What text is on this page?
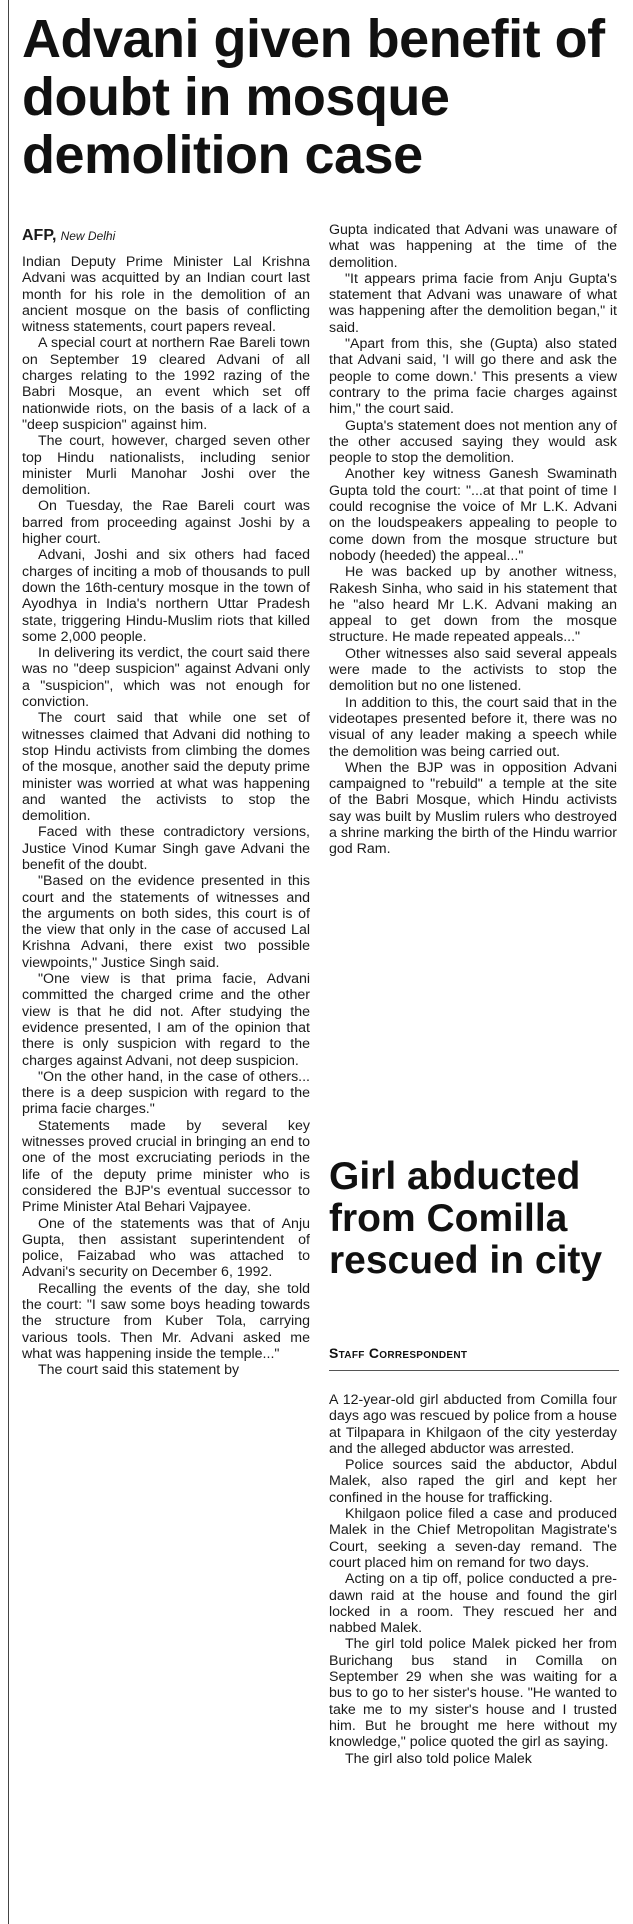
Advani given benefit of doubt in mosque demolition case
AFP, New Delhi

Indian Deputy Prime Minister Lal Krishna Advani was acquitted by an Indian court last month for his role in the demolition of an ancient mosque on the basis of conflicting witness statements, court papers reveal.

A special court at northern Rae Bareli town on September 19 cleared Advani of all charges relating to the 1992 razing of the Babri Mosque, an event which set off nationwide riots, on the basis of a lack of a "deep suspicion" against him.

The court, however, charged seven other top Hindu nationalists, including senior minister Murli Manohar Joshi over the demolition.

On Tuesday, the Rae Bareli court was barred from proceeding against Joshi by a higher court.

Advani, Joshi and six others had faced charges of inciting a mob of thousands to pull down the 16th-century mosque in the town of Ayodhya in India's northern Uttar Pradesh state, triggering Hindu-Muslim riots that killed some 2,000 people.

In delivering its verdict, the court said there was no "deep suspicion" against Advani only a "suspicion", which was not enough for conviction.

The court said that while one set of witnesses claimed that Advani did nothing to stop Hindu activists from climbing the domes of the mosque, another said the deputy prime minister was worried at what was happening and wanted the activists to stop the demolition.

Faced with these contradictory versions, Justice Vinod Kumar Singh gave Advani the benefit of the doubt.

"Based on the evidence presented in this court and the statements of witnesses and the arguments on both sides, this court is of the view that only in the case of accused Lal Krishna Advani, there exist two possible viewpoints," Justice Singh said.

"One view is that prima facie, Advani committed the charged crime and the other view is that he did not. After studying the evidence presented, I am of the opinion that there is only suspicion with regard to the charges against Advani, not deep suspicion.

"On the other hand, in the case of others... there is a deep suspicion with regard to the prima facie charges."

Statements made by several key witnesses proved crucial in bringing an end to one of the most excruciating periods in the life of the deputy prime minister who is considered the BJP's eventual successor to Prime Minister Atal Behari Vajpayee.

One of the statements was that of Anju Gupta, then assistant superintendent of police, Faizabad who was attached to Advani's security on December 6, 1992.

Recalling the events of the day, she told the court: "I saw some boys heading towards the structure from Kuber Tola, carrying various tools. Then Mr. Advani asked me what was happening inside the temple..."

The court said this statement by

Gupta indicated that Advani was unaware of what was happening at the time of the demolition.

"It appears prima facie from Anju Gupta's statement that Advani was unaware of what was happening after the demolition began," it said.

"Apart from this, she (Gupta) also stated that Advani said, 'I will go there and ask the people to come down.' This presents a view contrary to the prima facie charges against him," the court said.

Gupta's statement does not mention any of the other accused saying they would ask people to stop the demolition.

Another key witness Ganesh Swaminath Gupta told the court: "...at that point of time I could recognise the voice of Mr L.K. Advani on the loudspeakers appealing to people to come down from the mosque structure but nobody (heeded) the appeal..."

He was backed up by another witness, Rakesh Sinha, who said in his statement that he "also heard Mr L.K. Advani making an appeal to get down from the mosque structure. He made repeated appeals..."

Other witnesses also said several appeals were made to the activists to stop the demolition but no one listened.

In addition to this, the court said that in the videotapes presented before it, there was no visual of any leader making a speech while the demolition was being carried out.

When the BJP was in opposition Advani campaigned to "rebuild" a temple at the site of the Babri Mosque, which Hindu activists say was built by Muslim rulers who destroyed a shrine marking the birth of the Hindu warrior god Ram.

Girl abducted from Comilla rescued in city
Staff Correspondent

A 12-year-old girl abducted from Comilla four days ago was rescued by police from a house at Tilpapara in Khilgaon of the city yesterday and the alleged abductor was arrested.

Police sources said the abductor, Abdul Malek, also raped the girl and kept her confined in the house for trafficking.

Khilgaon police filed a case and produced Malek in the Chief Metropolitan Magistrate's Court, seeking a seven-day remand. The court placed him on remand for two days.

Acting on a tip off, police conducted a pre-dawn raid at the house and found the girl locked in a room. They rescued her and nabbed Malek.

The girl told police Malek picked her from Burichang bus stand in Comilla on September 29 when she was waiting for a bus to go to her sister's house. "He wanted to take me to my sister's house and I trusted him. But he brought me here without my knowledge," police quoted the girl as saying.

The girl also told police Malek
